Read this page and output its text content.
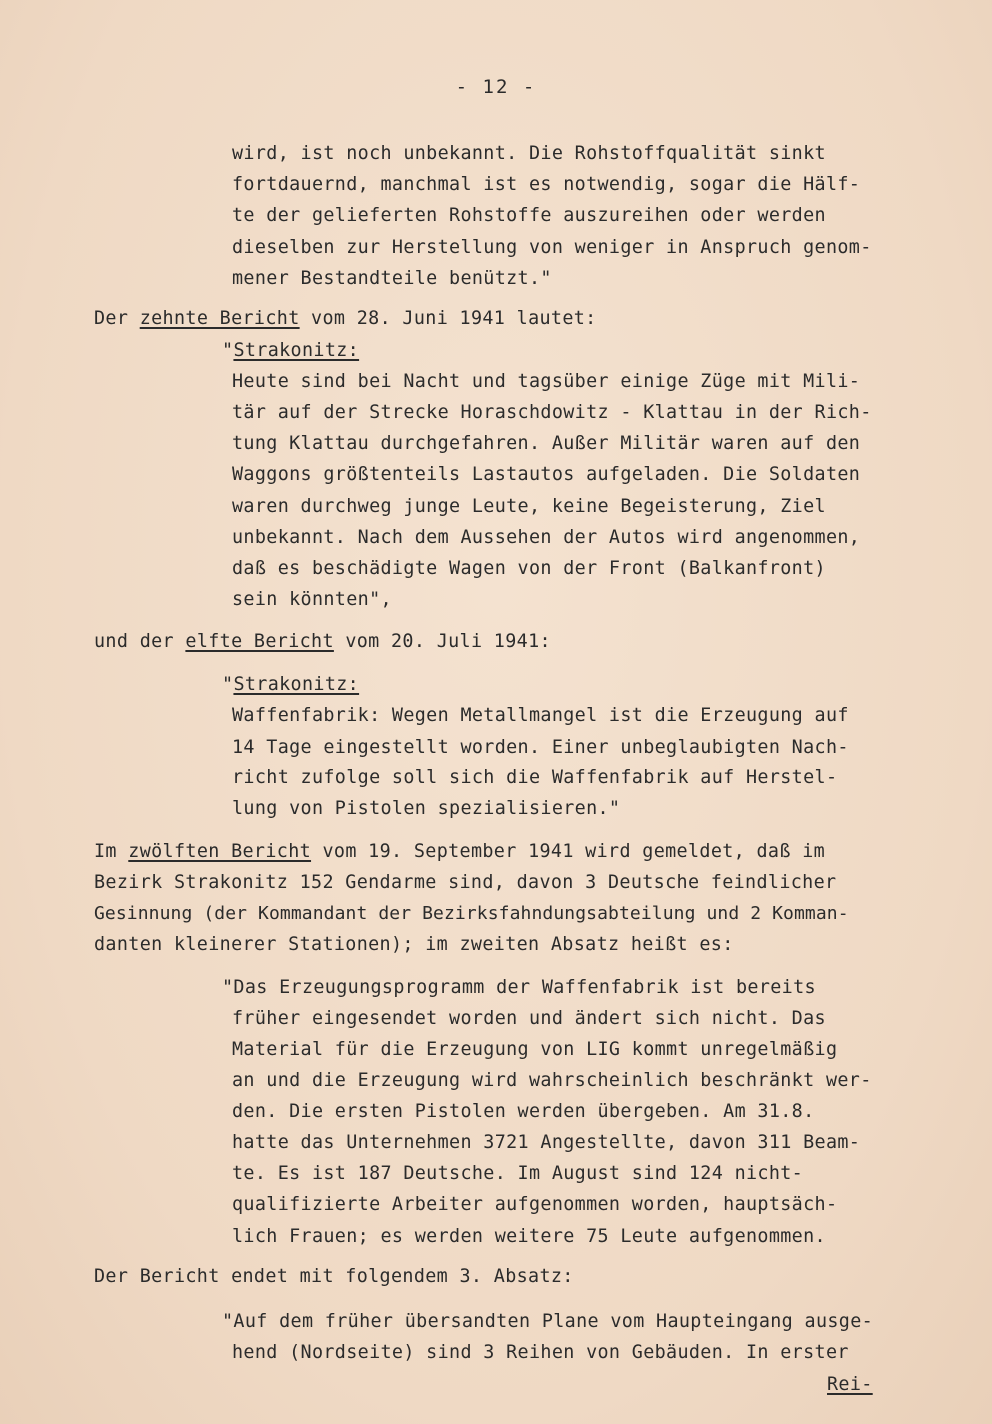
- 12 -
wird, ist noch unbekannt. Die Rohstoffqualität sinkt
fortdauernd, manchmal ist es notwendig, sogar die Hälf-
te der gelieferten Rohstoffe auszureihen oder werden
dieselben zur Herstellung von weniger in Anspruch genom-
mener Bestandteile benützt."
Der zehnte Bericht vom 28. Juni 1941 lautet:
"Strakonitz:
Heute sind bei Nacht und tagsüber einige Züge mit Mili-
tär auf der Strecke Horaschdowitz - Klattau in der Rich-
tung Klattau durchgefahren. Außer Militär waren auf den
Waggons größtenteils Lastautos aufgeladen. Die Soldaten
waren durchweg junge Leute, keine Begeisterung, Ziel
unbekannt. Nach dem Aussehen der Autos wird angenommen,
daß es beschädigte Wagen von der Front (Balkanfront)
sein könnten",
und der elfte Bericht vom 20. Juli 1941:
"Strakonitz:
Waffenfabrik: Wegen Metallmangel ist die Erzeugung auf
14 Tage eingestellt worden. Einer unbeglaubigten Nach-
richt zufolge soll sich die Waffenfabrik auf Herstel-
lung von Pistolen spezialisieren."
Im zwölften Bericht vom 19. September 1941 wird gemeldet, daß im
Bezirk Strakonitz 152 Gendarme sind, davon 3 Deutsche feindlicher
Gesinnung (der Kommandant der Bezirksfahndungsabteilung und 2 Komman-
danten kleinerer Stationen); im zweiten Absatz heißt es:
"Das Erzeugungsprogramm der Waffenfabrik ist bereits
früher eingesendet worden und ändert sich nicht. Das
Material für die Erzeugung von LIG kommt unregelmäßig
an und die Erzeugung wird wahrscheinlich beschränkt wer-
den. Die ersten Pistolen werden übergeben. Am 31.8.
hatte das Unternehmen 3721 Angestellte, davon 311 Beam-
te. Es ist 187 Deutsche. Im August sind 124 nicht-
qualifizierte Arbeiter aufgenommen worden, hauptsäch-
lich Frauen; es werden weitere 75 Leute aufgenommen.
Der Bericht endet mit folgendem 3. Absatz:
"Auf dem früher übersandten Plane vom Haupteingang ausge-
hend (Nordseite) sind 3 Reihen von Gebäuden. In erster
Rei-
